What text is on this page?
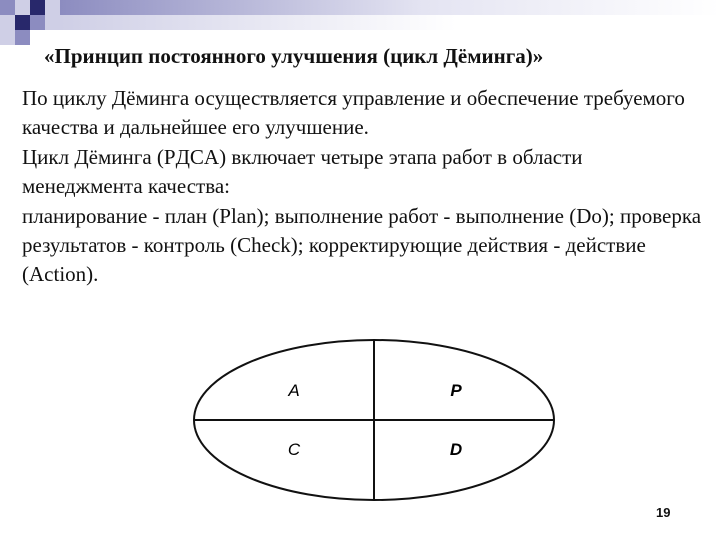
«Принцип постоянного улучшения (цикл Дёминга)»

По циклу Дёминга осуществляется управление и обеспечение требуемого качества и дальнейшее его улучшение.

Цикл Дёминга (PДCA) включает четыре этапа работ в области менеджмента качества:

планирование - план (Plan); выполнение работ - выполнение (Do); проверка результатов - контроль (Check); корректирующие действия - действие (Action).

A	P
C	D
19
